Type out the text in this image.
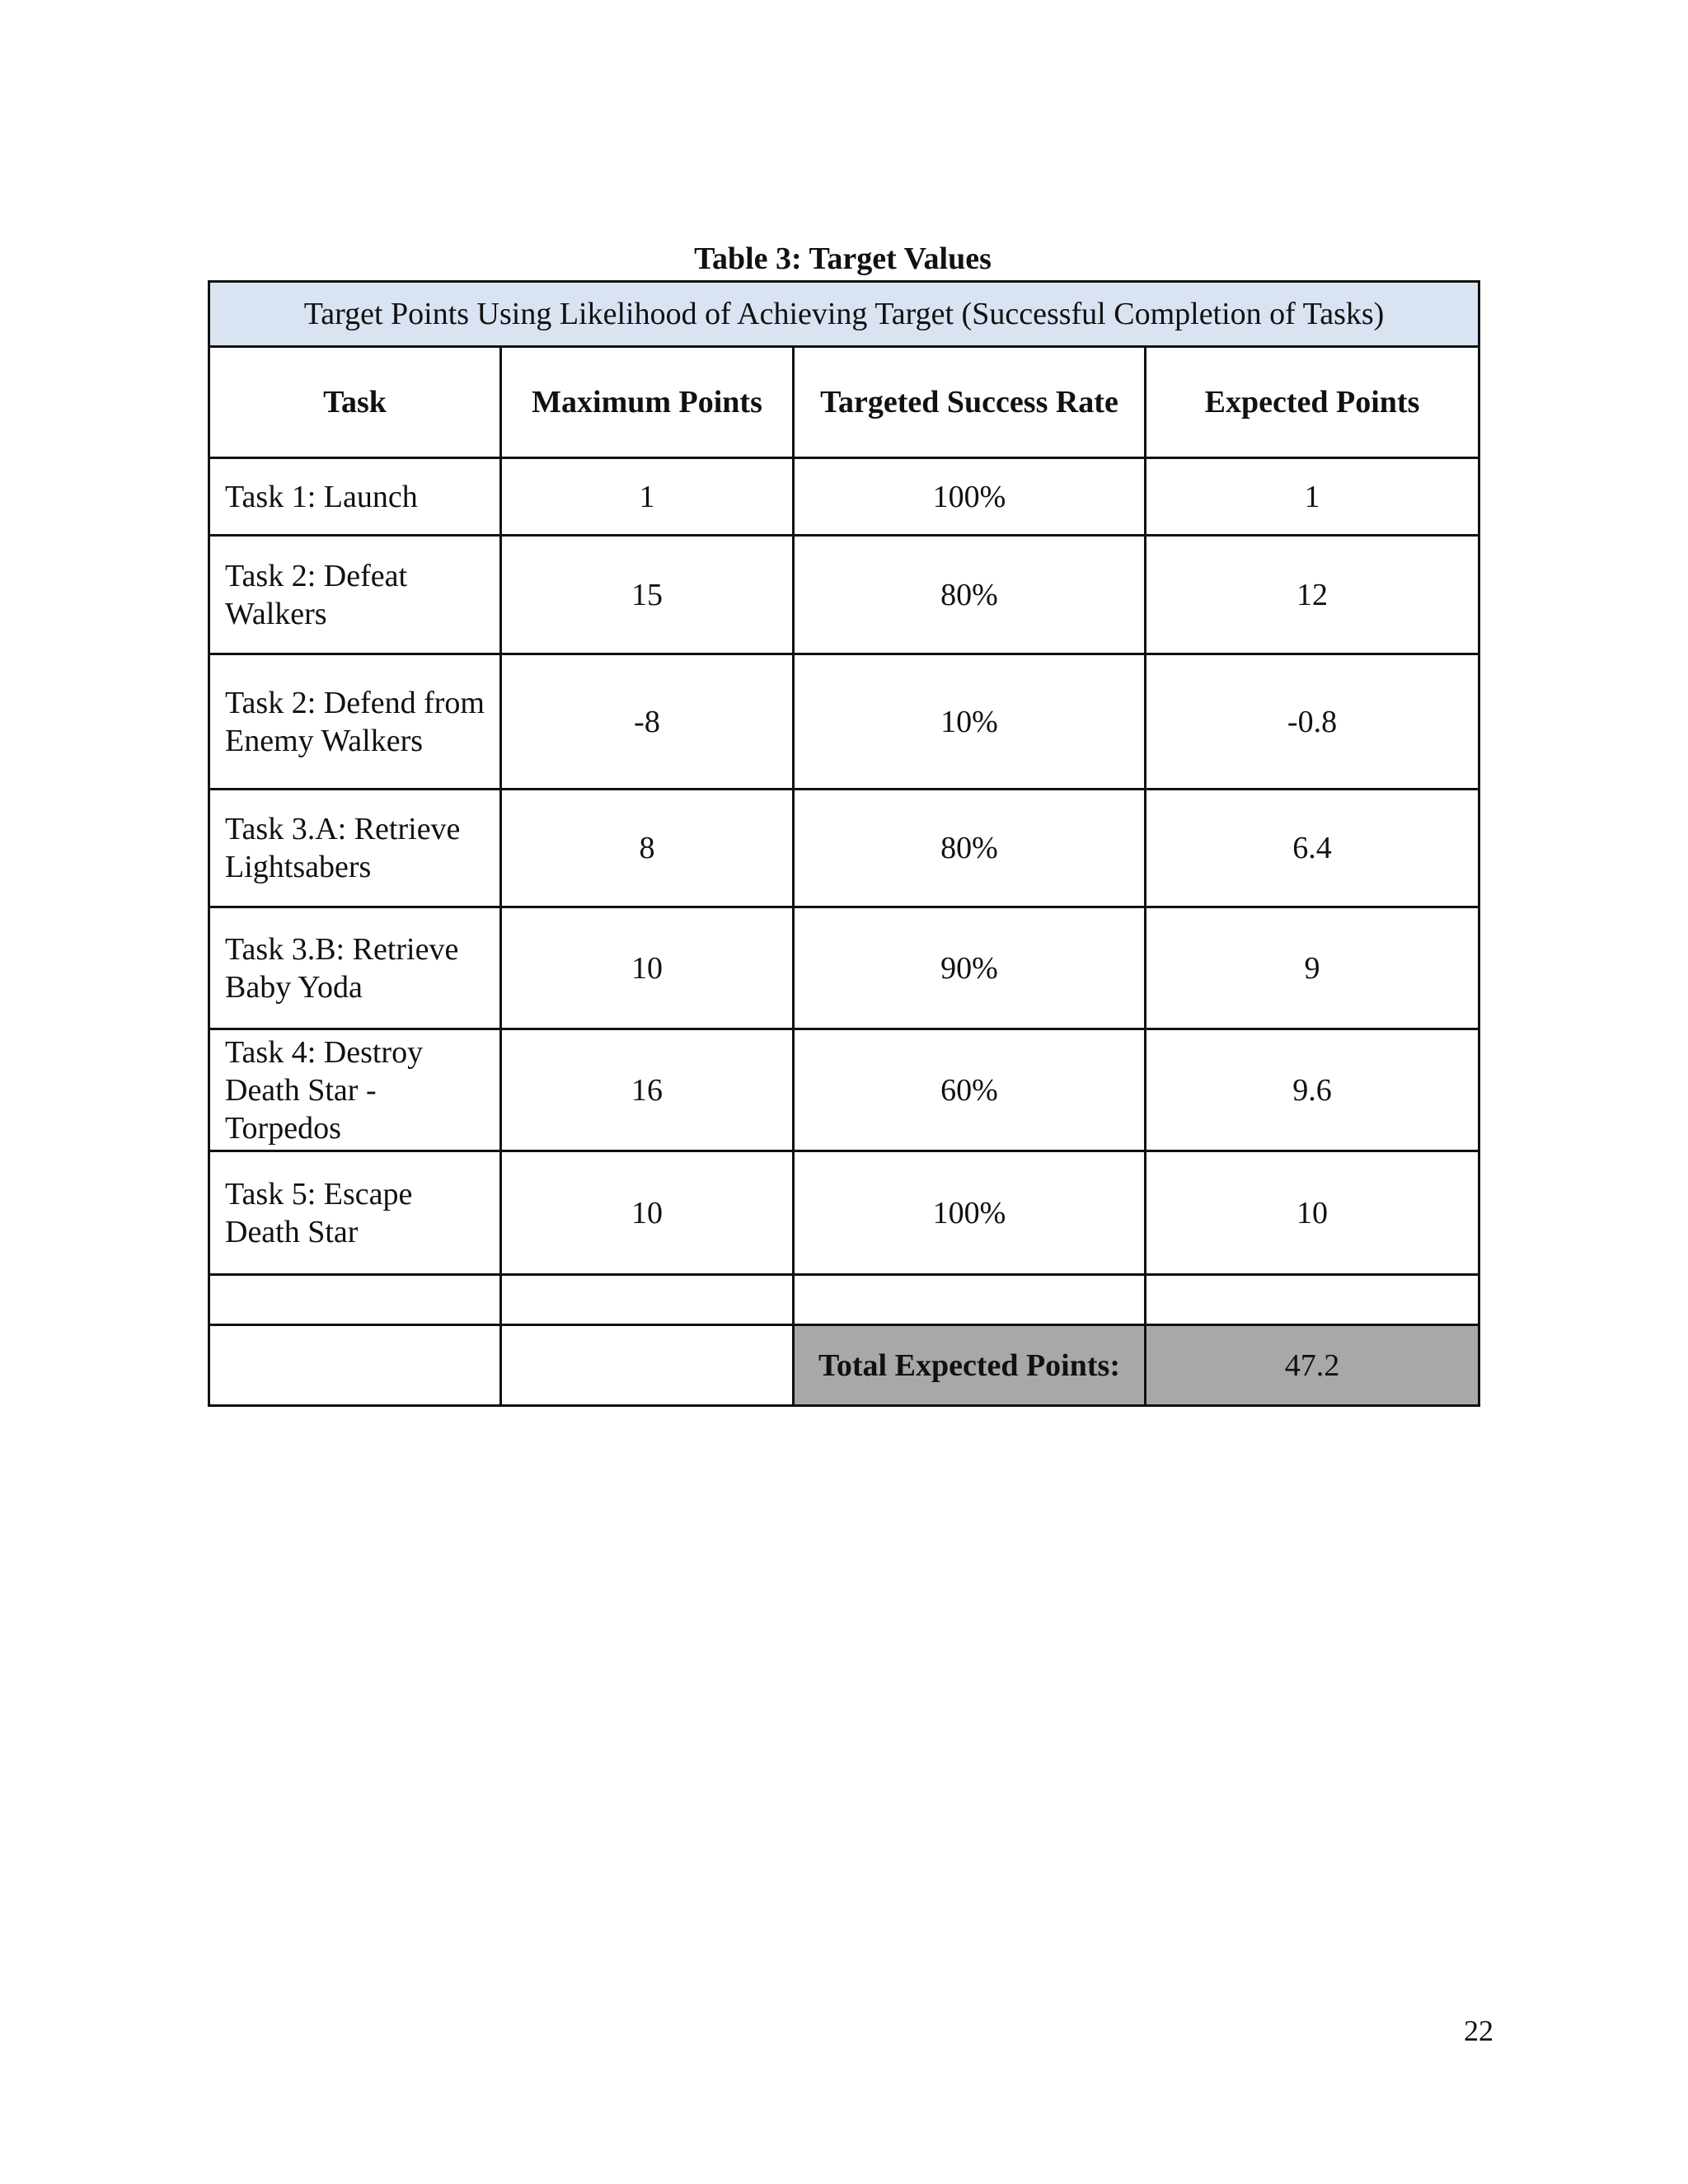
Table 3: Target Values
Target Points Using Likelihood of Achieving Target (Successful Completion of Tasks)			
Task	Maximum Points	Targeted Success Rate	Expected Points
Task 1: Launch	1	100%	1
Task 2: Defeat Walkers	15	80%	12
Task 2: Defend from Enemy Walkers	-8	10%	-0.8
Task 3.A: Retrieve Lightsabers	8	80%	6.4
Task 3.B: Retrieve Baby Yoda	10	90%	9
Task 4: Destroy Death Star - Torpedos	16	60%	9.6
Task 5: Escape Death Star	10	100%	10

		Total Expected Points:	47.2
22
